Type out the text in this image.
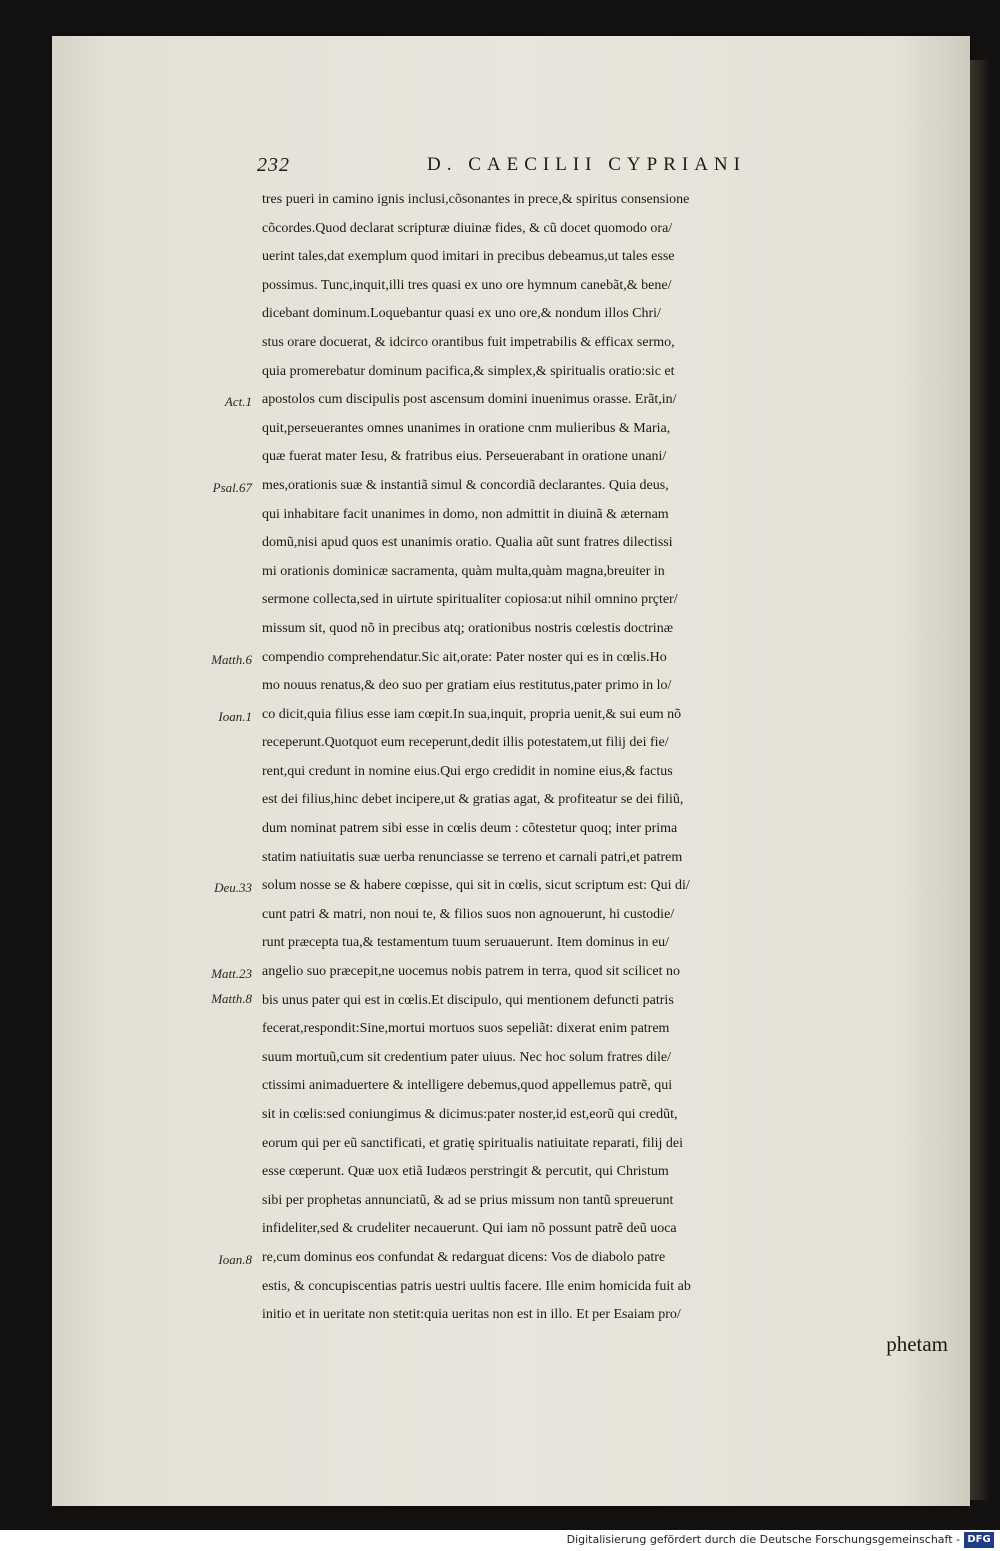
232	D. CAECILII CYPRIANI
tres pueri in camino ignis inclusi,cõsonantes in prece,& spiritus consensione
cõcordes.Quod declarat scripturæ diuinæ fides, & cũ docet quomodo ora/
uerint tales,dat exemplum quod imitari in precibus debeamus,ut tales esse
possimus. Tunc,inquit,illi tres quasi ex uno ore hymnum canebãt,& bene/
dicebant dominum.Loquebantur quasi ex uno ore,& nondum illos Chri/
stus orare docuerat, & idcirco orantibus fuit impetrabilis & efficax sermo,
quia promerebatur dominum pacifica,& simplex,& spiritualis oratio:sic et
apostolos cum discipulis post ascensum domini inuenimus orasse. Erãt,in/
quit,perseuerantes omnes unanimes in oratione cnm mulieribus & Maria,
quæ fuerat mater Iesu, & fratribus eius. Perseuerabant in oratione unani/
mes,orationis suæ & instantiã simul & concordiã declarantes. Quia deus,
qui inhabitare facit unanimes in domo, non admittit in diuinã & æternam
domũ,nisi apud quos est unanimis oratio. Qualia aũt sunt fratres dilectissi
mi orationis dominicæ sacramenta, quàm multa,quàm magna,breuiter in
sermone collecta,sed in uirtute spiritualiter copiosa:ut nihil omnino prçter/
missum sit, quod nõ in precibus atq; orationibus nostris cœlestis doctrinæ
compendio comprehendatur.Sic ait,orate: Pater noster qui es in cœlis.Ho
mo nouus renatus,& deo suo per gratiam eius restitutus,pater primo in lo/
co dicit,quia filius esse iam cœpit.In sua,inquit, propria uenit,& sui eum nõ
receperunt.Quotquot eum receperunt,dedit illis potestatem,ut filij dei fie/
rent,qui credunt in nomine eius.Qui ergo credidit in nomine eius,& factus
est dei filius,hinc debet incipere,ut & gratias agat, & profiteatur se dei filiũ,
dum nominat patrem sibi esse in cœlis deum : cõtestetur quoq; inter prima
statim natiuitatis suæ uerba renunciasse se terreno et carnali patri,et patrem
solum nosse se & habere cœpisse, qui sit in cœlis, sicut scriptum est: Qui di/
cunt patri & matri, non noui te, & filios suos non agnouerunt, hi custodie/
runt præcepta tua,& testamentum tuum seruauerunt. Item dominus in eu/
angelio suo præcepit,ne uocemus nobis patrem in terra, quod sit scilicet no
bis unus pater qui est in cœlis.Et discipulo, qui mentionem defuncti patris
fecerat,respondit:Sine,mortui mortuos suos sepeliãt: dixerat enim patrem
suum mortuũ,cum sit credentium pater uiuus. Nec hoc solum fratres dile/
ctissimi animaduertere & intelligere debemus,quod appellemus patrẽ, qui
sit in cœlis:sed coniungimus & dicimus:pater noster,id est,eorũ qui credũt,
eorum qui per eũ sanctificati, et gratię spiritualis natiuitate reparati, filij dei
esse cœperunt. Quæ uox etiã Iudæos perstringit & percutit, qui Christum
sibi per prophetas annunciatũ, & ad se prius missum non tantũ spreuerunt
infideliter,sed & crudeliter necauerunt. Qui iam nõ possunt patrẽ deũ uoca
re,cum dominus eos confundat & redarguat dicens: Vos de diabolo patre
estis, & concupiscentias patris uestri uultis facere. Ille enim homicida fuit ab
initio et in ueritate non stetit:quia ueritas non est in illo. Et per Esaiam pro/
phetam
Act.1
Psal.67
Matth.6
Ioan.1
Deu.33
Matt.23
Matth.8
Ioan.8
Digitalisierung gefördert durch die Deutsche Forschungsgemeinschaft - DFG
